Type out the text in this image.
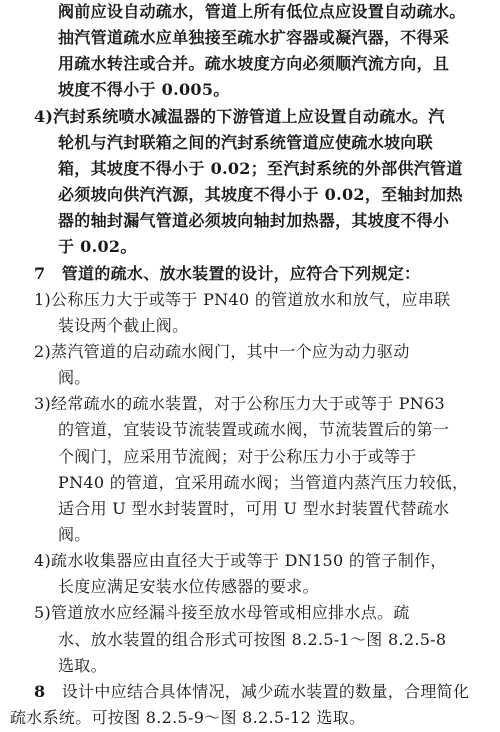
阀前应设自动疏水，管道上所有低位点应设置自动疏水。
抽汽管道疏水应单独接至疏水扩容器或凝汽器，不得采
用疏水转注或合并。疏水坡度方向必须顺汽流方向，且
坡度不得小于 0.005。
4)汽封系统喷水减温器的下游管道上应设置自动疏水。汽
轮机与汽封联箱之间的汽封系统管道应使疏水坡向联
箱，其坡度不得小于 0.02；至汽封系统的外部供汽管道
必须坡向供汽汽源，其坡度不得小于 0.02，至轴封加热
器的轴封漏气管道必须坡向轴封加热器，其坡度不得小
于 0.02。
7　管道的疏水、放水装置的设计，应符合下列规定：
1)公称压力大于或等于 PN40 的管道放水和放气，应串联
装设两个截止阀。
2)蒸汽管道的启动疏水阀门，其中一个应为动力驱动
阀。
3)经常疏水的疏水装置，对于公称压力大于或等于 PN63
的管道，宜装设节流装置或疏水阀，节流装置后的第一
个阀门，应采用节流阀；对于公称压力小于或等于
PN40 的管道，宜采用疏水阀；当管道内蒸汽压力较低，
适合用 U 型水封装置时，可用 U 型水封装置代替疏水
阀。
4)疏水收集器应由直径大于或等于 DN150 的管子制作，
长度应满足安装水位传感器的要求。
5)管道放水应经漏斗接至放水母管或相应排水点。疏
水、放水装置的组合形式可按图 8.2.5-1～图 8.2.5-8
选取。
8　设计中应结合具体情况，减少疏水装置的数量，合理简化
疏水系统。可按图 8.2.5-9～图 8.2.5-12 选取。
